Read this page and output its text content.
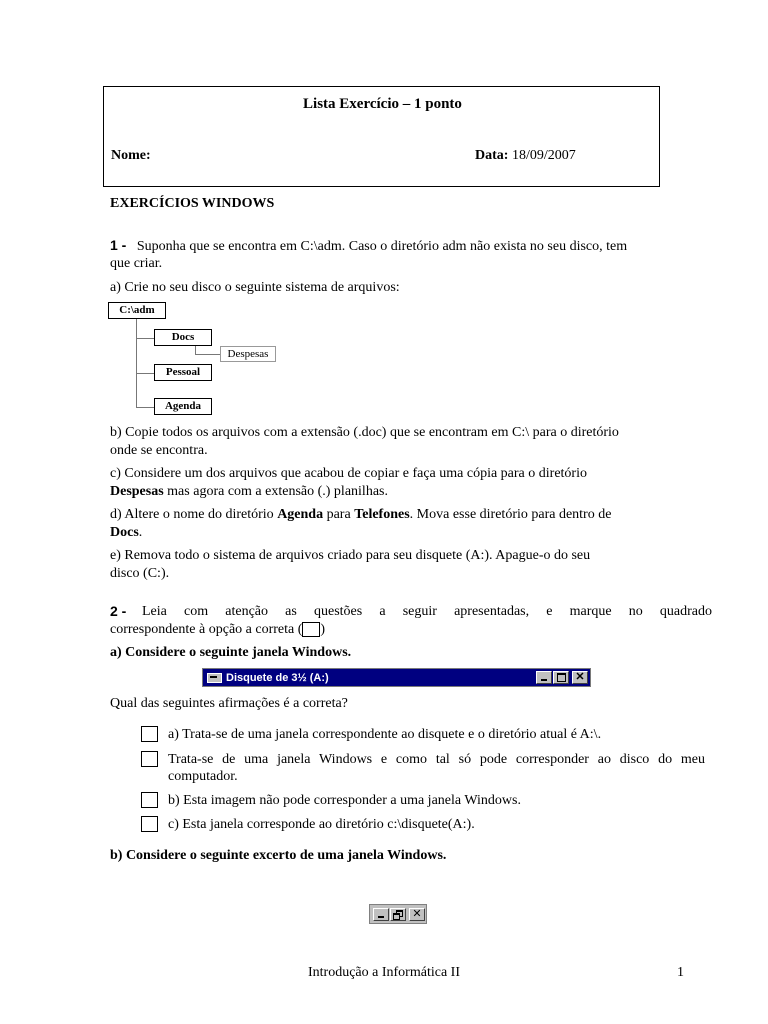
Lista Exercício – 1 ponto
Nome:	Data: 18/09/2007
EXERCÍCIOS WINDOWS
1 - Suponha que se encontra em C:\adm. Caso o diretório adm não exista no seu disco, tem
que criar.
a) Crie no seu disco o seguinte sistema de arquivos:
C:\adm
Docs
Despesas
Pessoal
Agenda
b) Copie todos os arquivos com a extensão (.doc) que se encontram em C:\ para o diretório
onde se encontra.
c) Considere um dos arquivos que acabou de copiar e faça uma cópia para o diretório
Despesas mas agora com a extensão (.) planilhas.
d) Altere o nome do diretório Agenda para Telefones. Mova esse diretório para dentro de
Docs.
e) Remova todo o sistema de arquivos criado para seu disquete (A:). Apague-o do seu
disco (C:).
2 - Leia com atenção as questões a seguir apresentadas, e marque no quadrado
correspondente à opção a correta ( )
a) Considere o seguinte janela Windows.
Disquete de 3½ (A:)	✕
Qual das seguintes afirmações é a correta?
a) Trata-se de uma janela correspondente ao disquete e o diretório atual é A:\.
Trata-se de uma janela Windows e como tal só pode corresponder ao disco do meu
computador.
b) Esta imagem não pode corresponder a uma janela Windows.
c) Esta janela corresponde ao diretório c:\disquete(A:).
b) Considere o seguinte excerto de uma janela Windows.
✕
Introdução a Informática II	1
